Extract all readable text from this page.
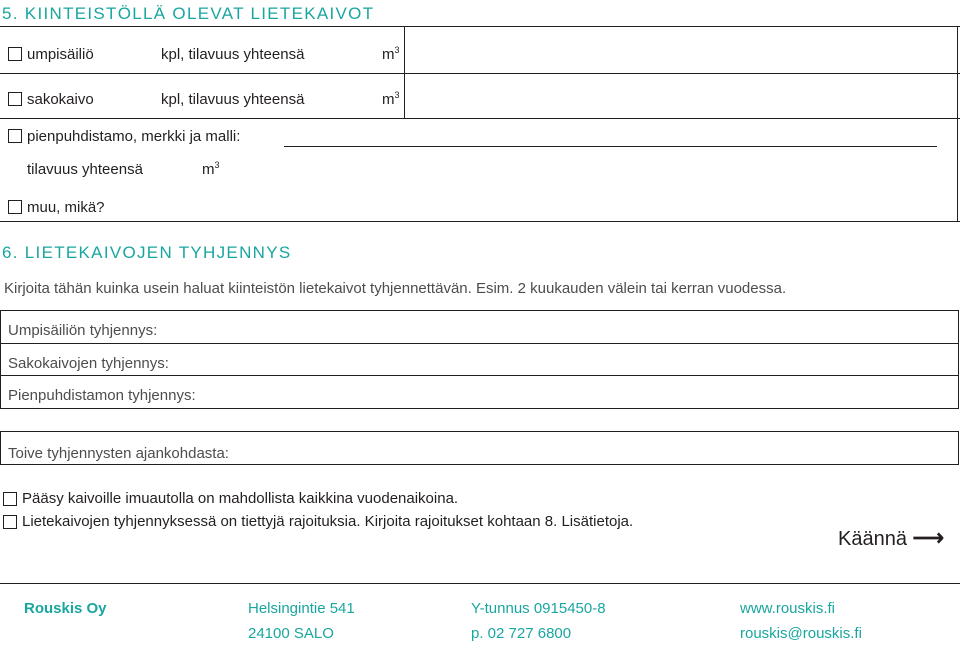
5. KIINTEISTÖLLÄ OLEVAT LIETEKAIVOT
umpisäiliö	kpl, tilavuus yhteensä	$m^3$
sakokaivo	kpl, tilavuus yhteensä	$m^3$
pienpuhdistamo, merkki ja malli:
tilavuus yhteensä	$m^3$
muu, mikä?
6. LIETEKAIVOJEN TYHJENNYS
Kirjoita tähän kuinka usein haluat kiinteistön lietekaivot tyhjennettävän. Esim. 2 kuukauden välein tai kerran vuodessa.
Umpisäiliön tyhjennys:
Sakokaivojen tyhjennys:
Pienpuhdistamon tyhjennys:
Toive tyhjennysten ajankohdasta:
Pääsy kaivoille imuautolla on mahdollista kaikkina vuodenaikoina.
Lietekaivojen tyhjennyksessä on tiettyjä rajoituksia. Kirjoita rajoitukset kohtaan 8. Lisätietoja.
Käännä ⟶
Rouskis Oy	Helsingintie 541
24100 SALO
Y-tunnus 0915450-8
p. 02 727 6800
www.rouskis.fi
rouskis@rouskis.fi
